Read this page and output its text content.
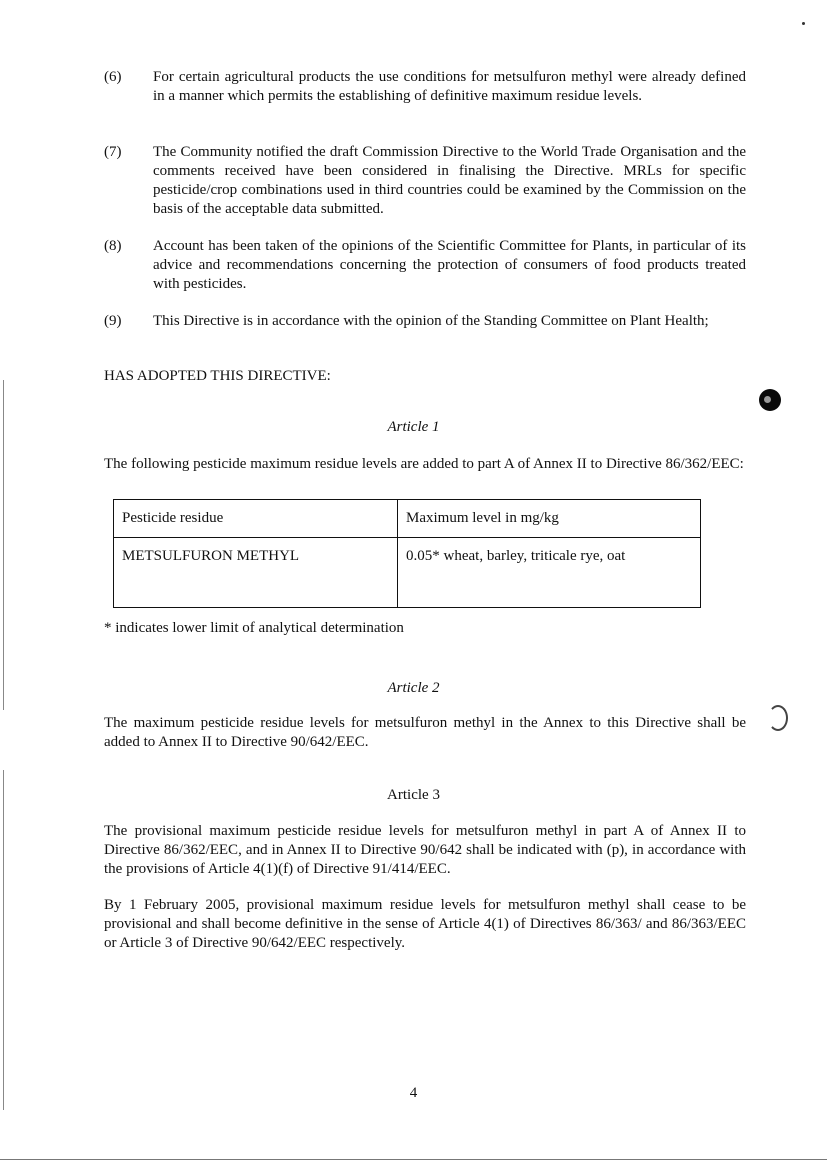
(6)	For certain agricultural products the use conditions for metsulfuron methyl were already defined in a manner which permits the establishing of definitive maximum residue levels.
(7)	The Community notified the draft Commission Directive to the World Trade Organisation and the comments received have been considered in finalising the Directive. MRLs for specific pesticide/crop combinations used in third countries could be examined by the Commission on the basis of the acceptable data submitted.
(8)	Account has been taken of the opinions of the Scientific Committee for Plants, in particular of its advice and recommendations concerning the protection of consumers of food products treated with pesticides.
(9)	This Directive is in accordance with the opinion of the Standing Committee on Plant Health;
HAS ADOPTED THIS DIRECTIVE:
Article 1
The following pesticide maximum residue levels are added to part A of Annex II to Directive 86/362/EEC:
Pesticide residue	Maximum level in mg/kg
METSULFURON METHYL	0.05* wheat, barley, triticale rye, oat
* indicates lower limit of analytical determination
Article 2
The maximum pesticide residue levels for metsulfuron methyl in the Annex to this Directive shall be added to Annex II to Directive 90/642/EEC.
Article 3
The provisional maximum pesticide residue levels for metsulfuron methyl in part A of Annex II to Directive 86/362/EEC, and in Annex II to Directive 90/642 shall be indicated with (p), in accordance with the provisions of Article 4(1)(f) of Directive 91/414/EEC.
By 1 February 2005, provisional maximum residue levels for metsulfuron methyl shall cease to be provisional and shall become definitive in the sense of Article 4(1) of Directives 86/363/ and 86/363/EEC or Article 3 of Directive 90/642/EEC respectively.
4
